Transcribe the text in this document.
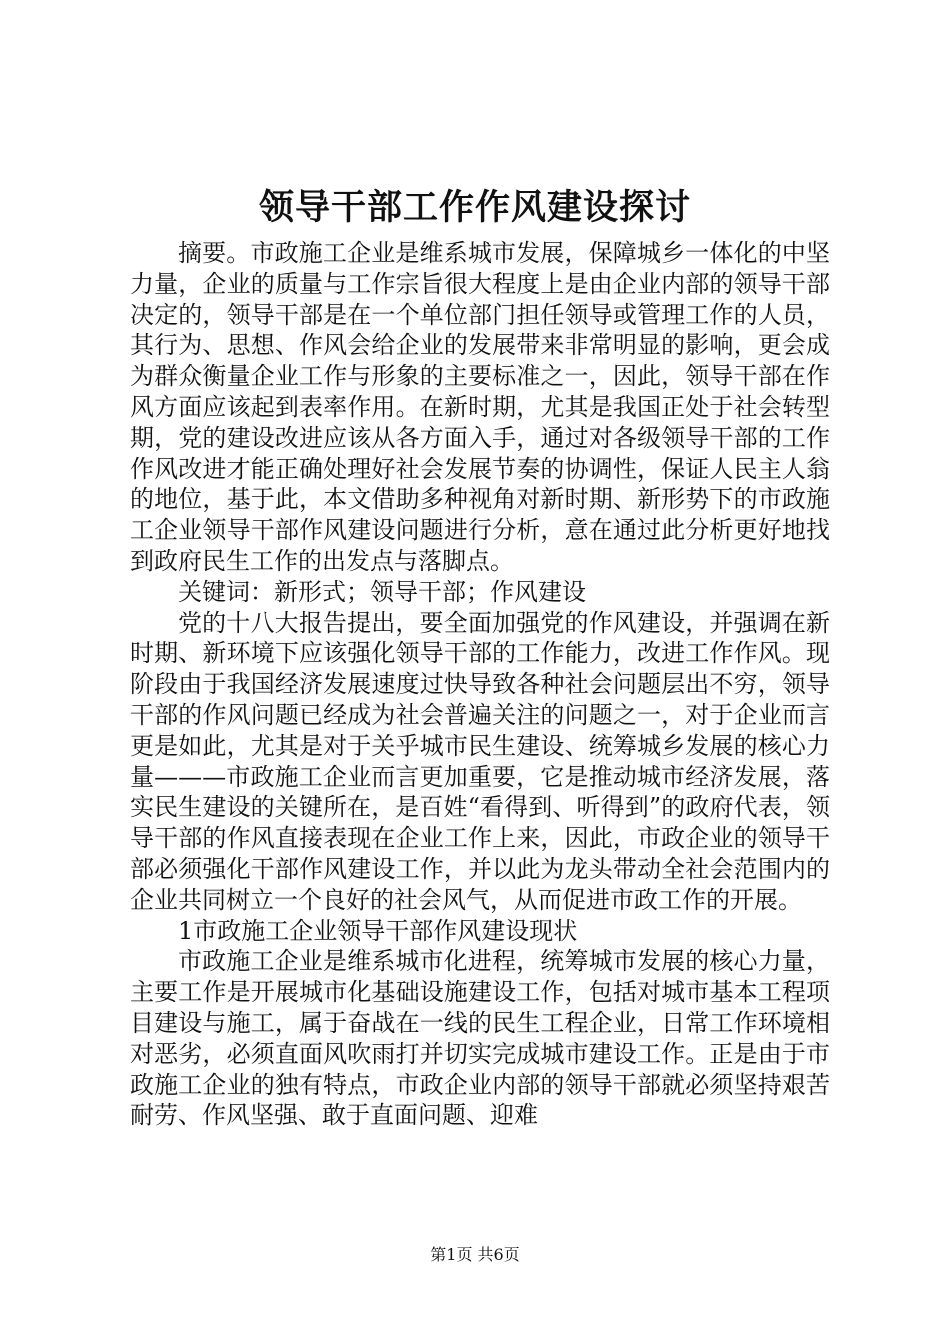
领导干部工作作风建设探讨

摘要。市政施工企业是维系城市发展，保障城乡一体化的中坚力量，企业的质量与工作宗旨很大程度上是由企业内部的领导干部决定的，领导干部是在一个单位部门担任领导或管理工作的人员，其行为、思想、作风会给企业的发展带来非常明显的影响，更会成为群众衡量企业工作与形象的主要标准之一，因此，领导干部在作风方面应该起到表率作用。在新时期，尤其是我国正处于社会转型期，党的建设改进应该从各方面入手，通过对各级领导干部的工作作风改进才能正确处理好社会发展节奏的协调性，保证人民主人翁的地位，基于此，本文借助多种视角对新时期、新形势下的市政施工企业领导干部作风建设问题进行分析，意在通过此分析更好地找到政府民生工作的出发点与落脚点。

关键词：新形式；领导干部；作风建设

党的十八大报告提出，要全面加强党的作风建设，并强调在新时期、新环境下应该强化领导干部的工作能力，改进工作作风。现阶段由于我国经济发展速度过快导致各种社会问题层出不穷，领导干部的作风问题已经成为社会普遍关注的问题之一，对于企业而言更是如此，尤其是对于关乎城市民生建设、统筹城乡发展的核心力量———市政施工企业而言更加重要，它是推动城市经济发展，落实民生建设的关键所在，是百姓“看得到、听得到”的政府代表，领导干部的作风直接表现在企业工作上来，因此，市政企业的领导干部必须强化干部作风建设工作，并以此为龙头带动全社会范围内的企业共同树立一个良好的社会风气，从而促进市政工作的开展。

1市政施工企业领导干部作风建设现状

市政施工企业是维系城市化进程，统筹城市发展的核心力量，主要工作是开展城市化基础设施建设工作，包括对城市基本工程项目建设与施工，属于奋战在一线的民生工程企业，日常工作环境相对恶劣，必须直面风吹雨打并切实完成城市建设工作。正是由于市政施工企业的独有特点，市政企业内部的领导干部就必须坚持艰苦耐劳、作风坚强、敢于直面问题、迎难

第1页 共6页
